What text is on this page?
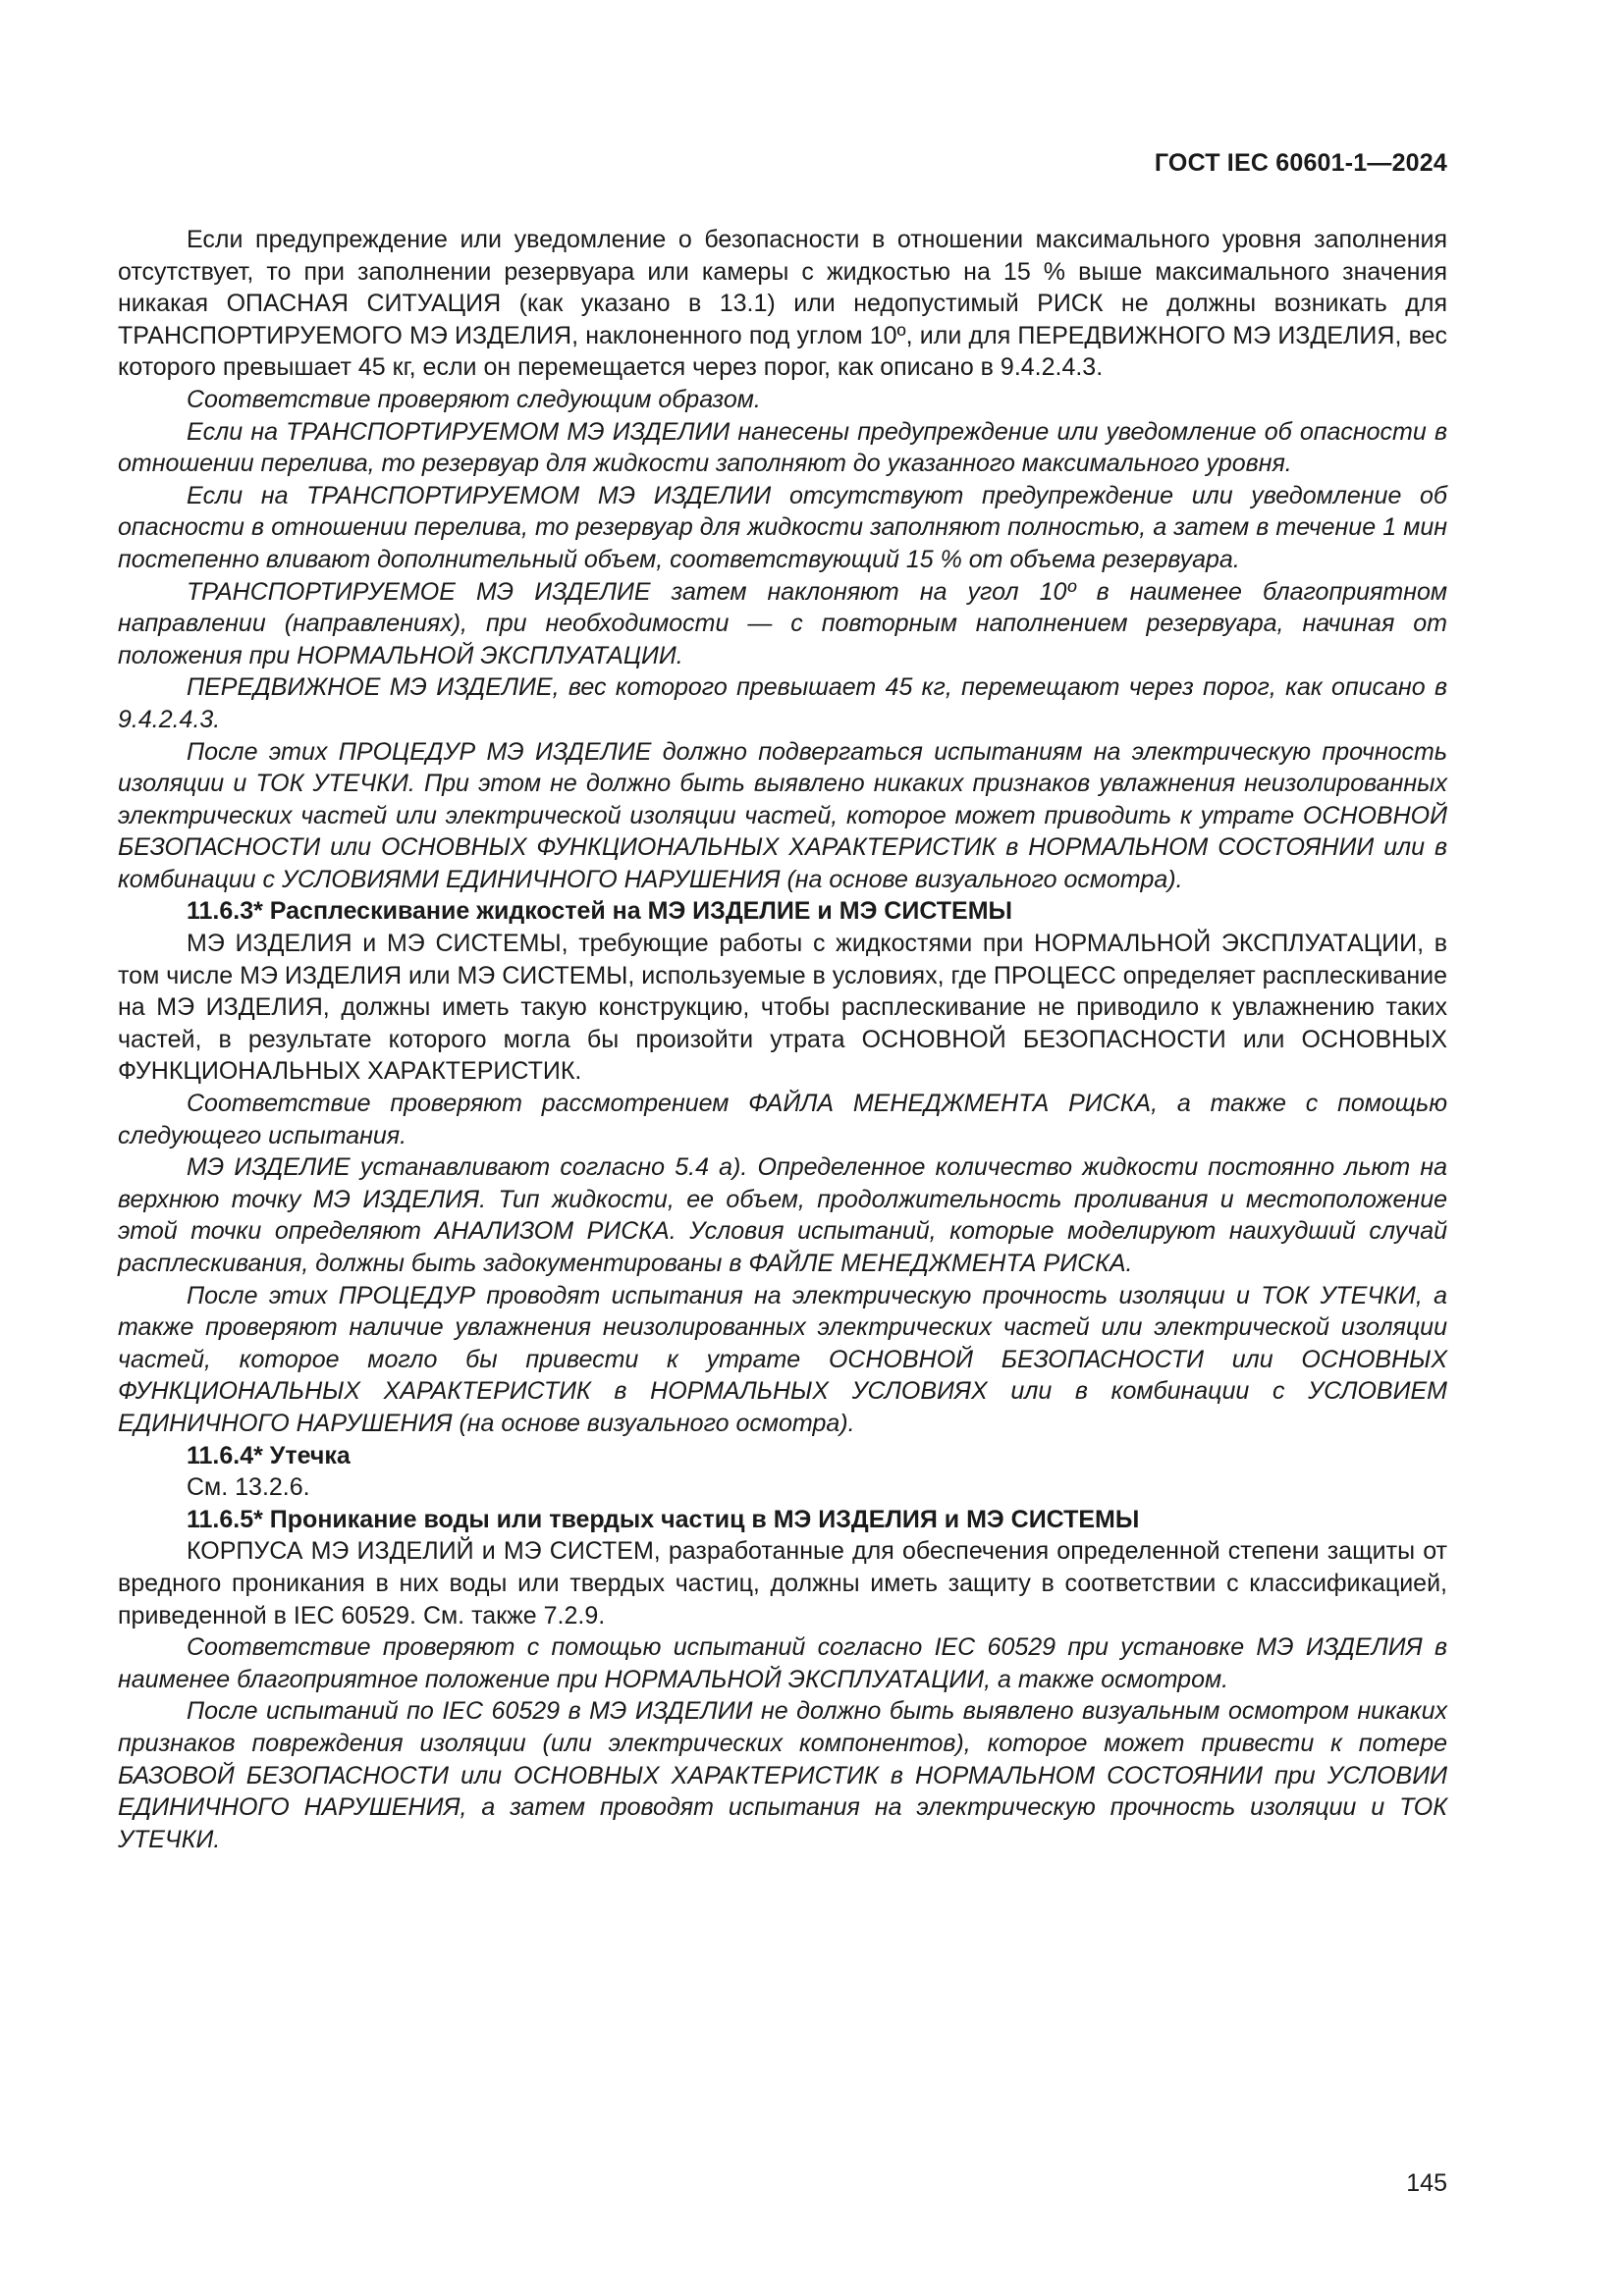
ГОСТ IEC 60601-1—2024

Если предупреждение или уведомление о безопасности в отношении максимального уровня заполнения отсутствует, то при заполнении резервуара или камеры с жидкостью на 15 % выше максимального значения никакая ОПАСНАЯ СИТУАЦИЯ (как указано в 13.1) или недопустимый РИСК не должны возникать для ТРАНСПОРТИРУЕМОГО МЭ ИЗДЕЛИЯ, наклоненного под углом 10º, или для ПЕРЕДВИЖНОГО МЭ ИЗДЕЛИЯ, вес которого превышает 45 кг, если он перемещается через порог, как описано в 9.4.2.4.3.

Соответствие проверяют следующим образом.

Если на ТРАНСПОРТИРУЕМОМ МЭ ИЗДЕЛИИ нанесены предупреждение или уведомление об опасности в отношении перелива, то резервуар для жидкости заполняют до указанного максимального уровня.

Если на ТРАНСПОРТИРУЕМОМ МЭ ИЗДЕЛИИ отсутствуют предупреждение или уведомление об опасности в отношении перелива, то резервуар для жидкости заполняют полностью, а затем в течение 1 мин постепенно вливают дополнительный объем, соответствующий 15 % от объема резервуара.

ТРАНСПОРТИРУЕМОЕ МЭ ИЗДЕЛИЕ затем наклоняют на угол 10º в наименее благоприятном направлении (направлениях), при необходимости — с повторным наполнением резервуара, начиная от положения при НОРМАЛЬНОЙ ЭКСПЛУАТАЦИИ.

ПЕРЕДВИЖНОЕ МЭ ИЗДЕЛИЕ, вес которого превышает 45 кг, перемещают через порог, как описано в 9.4.2.4.3.

После этих ПРОЦЕДУР МЭ ИЗДЕЛИЕ должно подвергаться испытаниям на электрическую прочность изоляции и ТОК УТЕЧКИ. При этом не должно быть выявлено никаких признаков увлажнения неизолированных электрических частей или электрической изоляции частей, которое может приводить к утрате ОСНОВНОЙ БЕЗОПАСНОСТИ или ОСНОВНЫХ ФУНКЦИОНАЛЬНЫХ ХАРАКТЕРИСТИК в НОРМАЛЬНОМ СОСТОЯНИИ или в комбинации с УСЛОВИЯМИ ЕДИНИЧНОГО НАРУШЕНИЯ (на основе визуального осмотра).

11.6.3* Расплескивание жидкостей на МЭ ИЗДЕЛИЕ и МЭ СИСТЕМЫ

МЭ ИЗДЕЛИЯ и МЭ СИСТЕМЫ, требующие работы с жидкостями при НОРМАЛЬНОЙ ЭКСПЛУАТАЦИИ, в том числе МЭ ИЗДЕЛИЯ или МЭ СИСТЕМЫ, используемые в условиях, где ПРОЦЕСС определяет расплескивание на МЭ ИЗДЕЛИЯ, должны иметь такую конструкцию, чтобы расплескивание не приводило к увлажнению таких частей, в результате которого могла бы произойти утрата ОСНОВНОЙ БЕЗОПАСНОСТИ или ОСНОВНЫХ ФУНКЦИОНАЛЬНЫХ ХАРАКТЕРИСТИК.

Соответствие проверяют рассмотрением ФАЙЛА МЕНЕДЖМЕНТА РИСКА, а также с помощью следующего испытания.

МЭ ИЗДЕЛИЕ устанавливают согласно 5.4 а). Определенное количество жидкости постоянно льют на верхнюю точку МЭ ИЗДЕЛИЯ. Тип жидкости, ее объем, продолжительность проливания и местоположение этой точки определяют АНАЛИЗОМ РИСКА. Условия испытаний, которые моделируют наихудший случай расплескивания, должны быть задокументированы в ФАЙЛЕ МЕНЕДЖМЕНТА РИСКА.

После этих ПРОЦЕДУР проводят испытания на электрическую прочность изоляции и ТОК УТЕЧКИ, а также проверяют наличие увлажнения неизолированных электрических частей или электрической изоляции частей, которое могло бы привести к утрате ОСНОВНОЙ БЕЗОПАСНОСТИ или ОСНОВНЫХ ФУНКЦИОНАЛЬНЫХ ХАРАКТЕРИСТИК в НОРМАЛЬНЫХ УСЛОВИЯХ или в комбинации с УСЛОВИЕМ ЕДИНИЧНОГО НАРУШЕНИЯ (на основе визуального осмотра).

11.6.4* Утечка

См. 13.2.6.

11.6.5* Проникание воды или твердых частиц в МЭ ИЗДЕЛИЯ и МЭ СИСТЕМЫ

КОРПУСА МЭ ИЗДЕЛИЙ и МЭ СИСТЕМ, разработанные для обеспечения определенной степени защиты от вредного проникания в них воды или твердых частиц, должны иметь защиту в соответствии с классификацией, приведенной в IEC 60529. См. также 7.2.9.

Соответствие проверяют с помощью испытаний согласно IEC 60529 при установке МЭ ИЗДЕЛИЯ в наименее благоприятное положение при НОРМАЛЬНОЙ ЭКСПЛУАТАЦИИ, а также осмотром.

После испытаний по IEC 60529 в МЭ ИЗДЕЛИИ не должно быть выявлено визуальным осмотром никаких признаков повреждения изоляции (или электрических компонентов), которое может привести к потере БАЗОВОЙ БЕЗОПАСНОСТИ или ОСНОВНЫХ ХАРАКТЕРИСТИК в НОРМАЛЬНОМ СОСТОЯНИИ при УСЛОВИИ ЕДИНИЧНОГО НАРУШЕНИЯ, а затем проводят испытания на электрическую прочность изоляции и ТОК УТЕЧКИ.

145
